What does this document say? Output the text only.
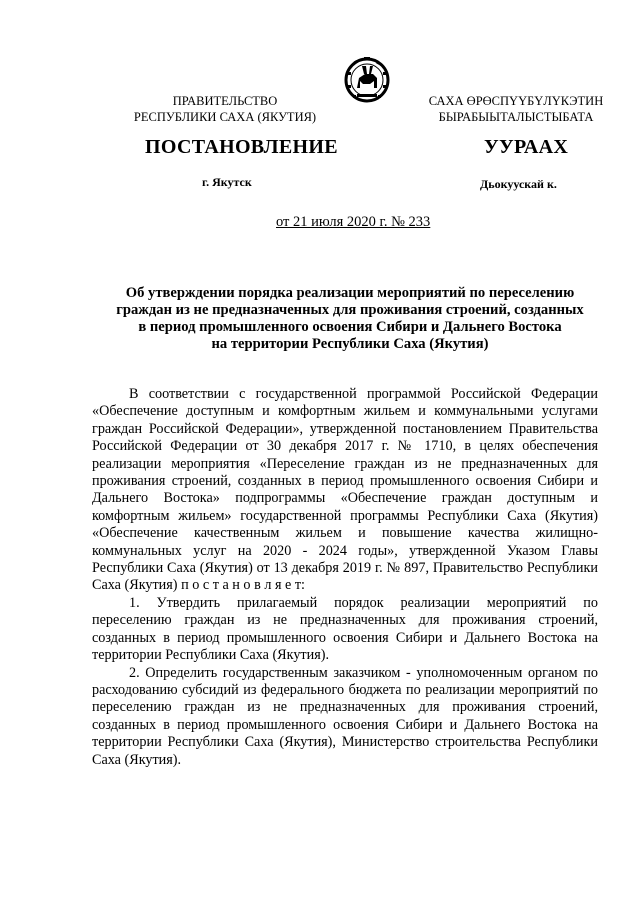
ПРАВИТЕЛЬСТВО
РЕСПУБЛИКИ САХА (ЯКУТИЯ)
САХА ӨРӨСПҮҮБҮЛҮКЭТИН
БЫРАБЫЫТАЛЫСТЫБАТА
ПОСТАНОВЛЕНИЕ	УУРААХ
г. Якутск	Дьокуускай к.
от 21 июля 2020 г. № 233
Об утверждении порядка реализации мероприятий по переселению
граждан из не предназначенных для проживания строений, созданных
в период промышленного освоения Сибири и Дальнего Востока
на территории Республики Саха (Якутия)

В соответствии с государственной программой Российской Федерации «Обеспечение доступным и комфортным жильем и коммунальными услугами граждан Российской Федерации», утвержденной постановлением Правительства Российской Федерации от 30 декабря 2017 г. № 1710, в целях обеспечения реализации мероприятия «Переселение граждан из не предназначенных для проживания строений, созданных в период промышленного освоения Сибири и Дальнего Востока» подпрограммы «Обеспечение граждан доступным и комфортным жильем» государственной программы Республики Саха (Якутия) «Обеспечение качественным жильем и повышение качества жилищно-коммунальных услуг на 2020 - 2024 годы», утвержденной Указом Главы Республики Саха (Якутия) от 13 декабря 2019 г. № 897, Правительство Республики Саха (Якутия) п о с т а н о в л я е т:

1. Утвердить прилагаемый порядок реализации мероприятий по переселению граждан из не предназначенных для проживания строений, созданных в период промышленного освоения Сибири и Дальнего Востока на территории Республики Саха (Якутия).

2. Определить государственным заказчиком - уполномоченным органом по расходованию субсидий из федерального бюджета по реализации мероприятий по переселению граждан из не предназначенных для проживания строений, созданных в период промышленного освоения Сибири и Дальнего Востока на территории Республики Саха (Якутия), Министерство строительства Республики Саха (Якутия).
